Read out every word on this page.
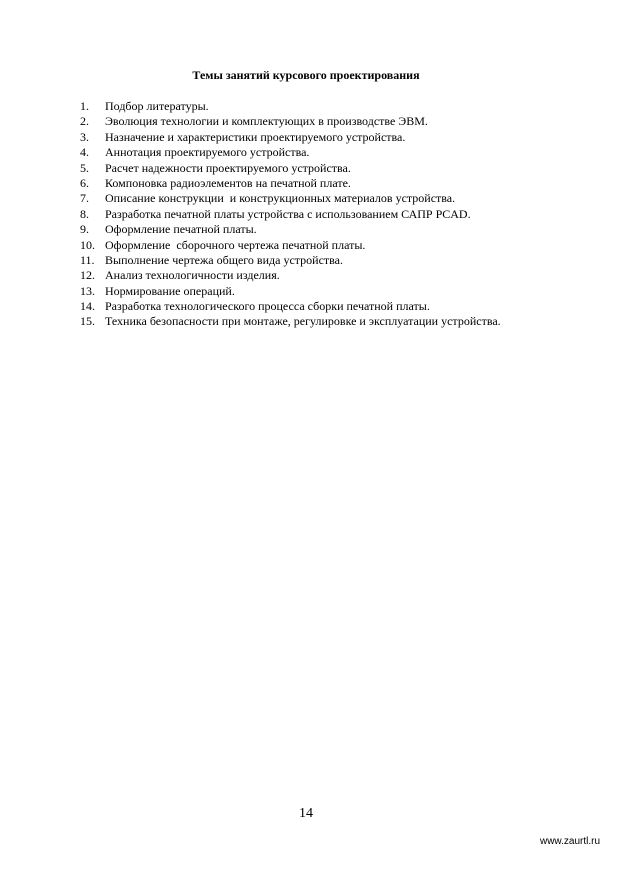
Темы занятий курсового проектирования
1.	Подбор литературы.
2.	Эволюция технологии и комплектующих в производстве ЭВМ.
3.	Назначение и характеристики проектируемого устройства.
4.	Аннотация проектируемого устройства.
5.	Расчет надежности проектируемого устройства.
6.	Компоновка радиоэлементов на печатной плате.
7.	Описание конструкции  и конструкционных материалов устройства.
8.	Разработка печатной платы устройства с использованием САПР PCAD.
9.	Оформление печатной платы.
10. Оформление  сборочного чертежа печатной платы.
11. Выполнение чертежа общего вида устройства.
12. Анализ технологичности изделия.
13. Нормирование операций.
14. Разработка технологического процесса сборки печатной платы.
15. Техника безопасности при монтаже, регулировке и эксплуатации устройства.
14
www.zaurtl.ru
